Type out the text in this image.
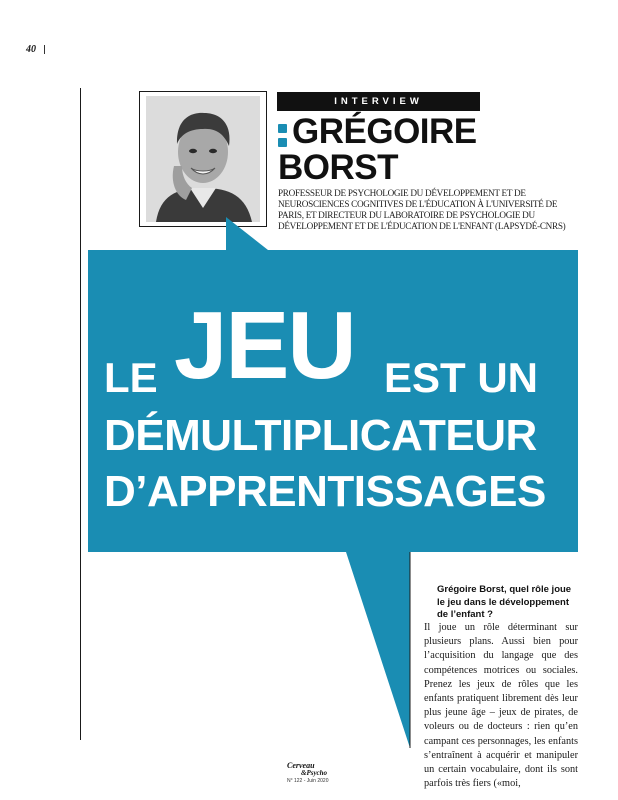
40
INTERVIEW
GRÉGOIRE
BORST
PROFESSEUR DE PSYCHOLOGIE DU DÉVELOPPEMENT ET DE NEUROSCIENCES COGNITIVES DE L'ÉDUCATION À L'UNIVERSITÉ DE PARIS, ET DIRECTEUR DU LABORATOIRE DE PSYCHOLOGIE DU DÉVELOPPEMENT ET DE L'ÉDUCATION DE L'ENFANT (LAPSYDÉ-CNRS)
LE JEU EST UN
DÉMULTIPLICATEUR
D’APPRENTISSAGES
Grégoire Borst, quel rôle joue le jeu dans le développement de l’enfant ?
Il joue un rôle déterminant sur plusieurs plans. Aussi bien pour l’acquisition du langage que des compétences motrices ou sociales. Prenez les jeux de rôles que les enfants pratiquent librement dès leur plus jeune âge – jeux de pirates, de voleurs ou de docteurs : rien qu’en campant ces personnages, les enfants s’entraînent à acquérir et manipuler un certain vocabulaire, dont ils sont parfois très fiers («moi,
Cerveau
&Psycho
N° 122 - Juin 2020
